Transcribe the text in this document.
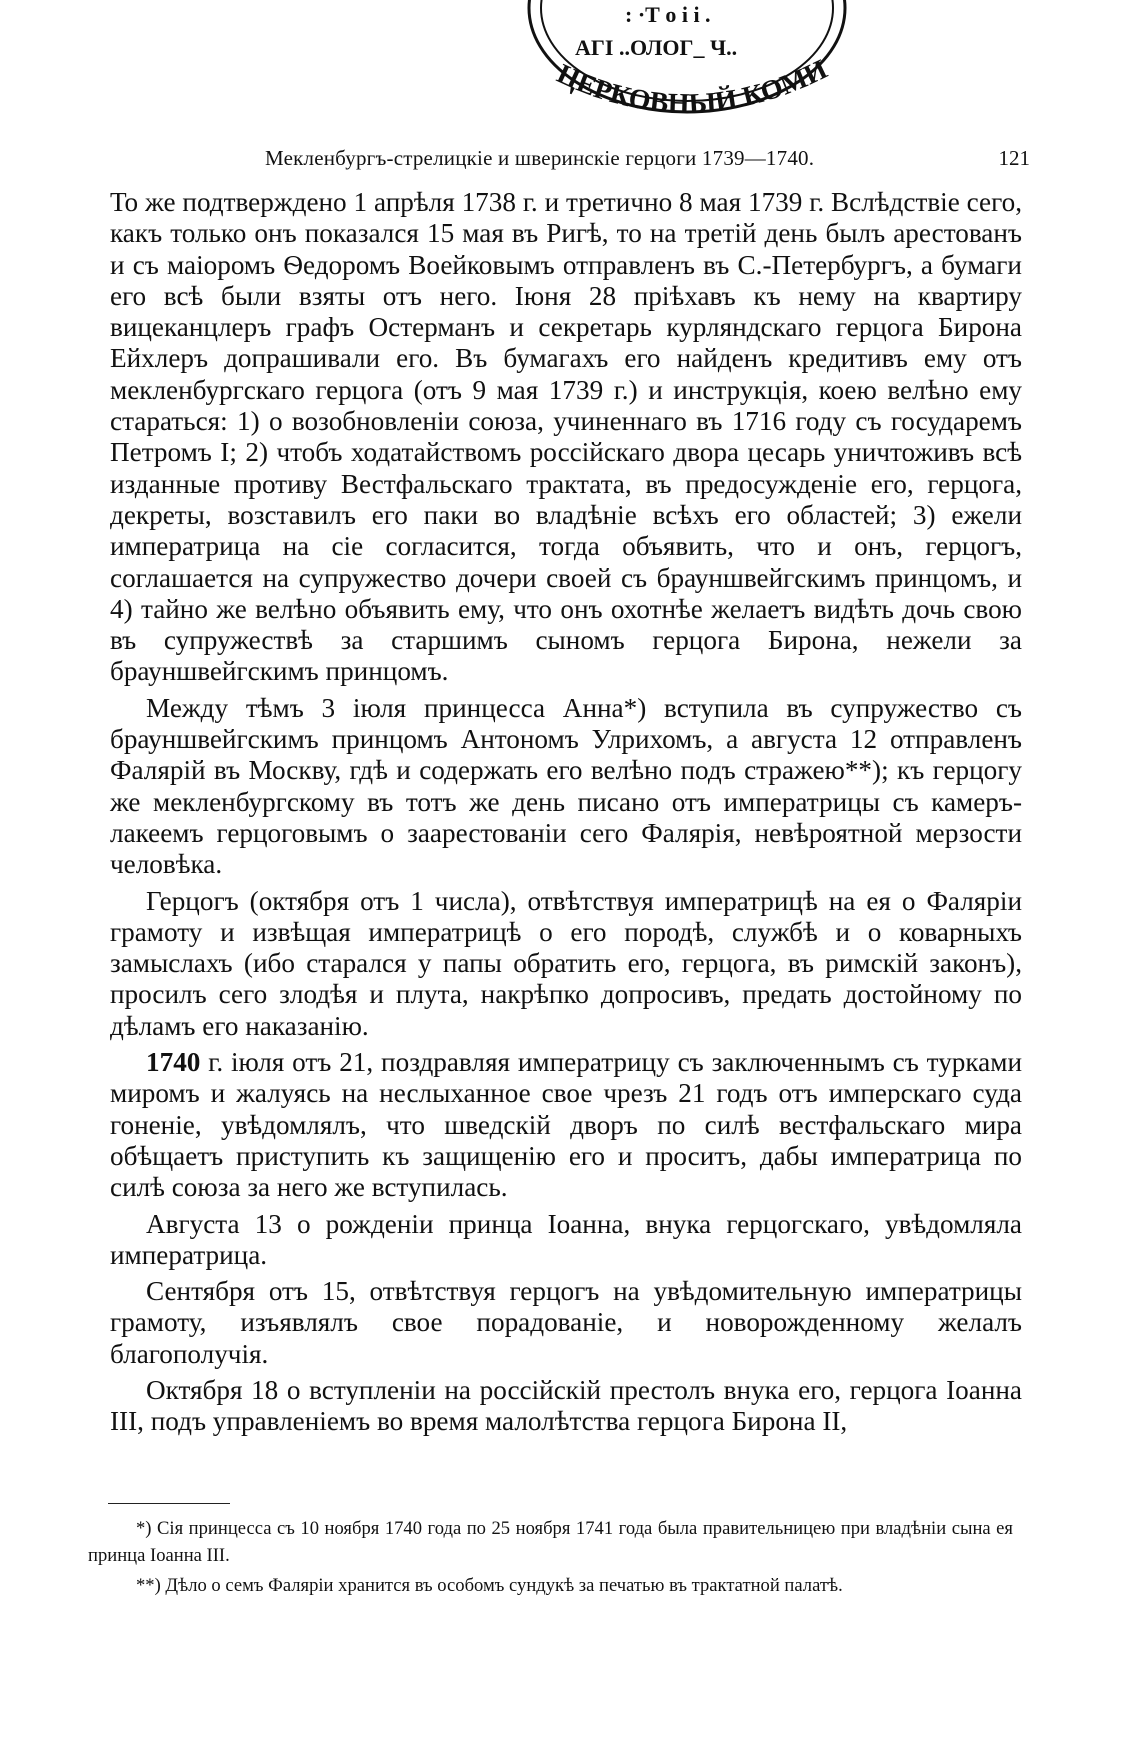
: ·Т о і і .
АГІ ..ОЛОГ_ Ч..
ЦЕРКОВНЫЙ КОМИ
Мекленбургъ-стрелицкіе и шверинскіе герцоги 1739—1740.	121

То же подтверждено 1 апрѣля 1738 г. и третично 8 мая 1739 г. Вслѣдствіе сего, какъ только онъ показался 15 мая въ Ригѣ, то на третій день былъ арестованъ и съ маіоромъ Ѳедоромъ Воейковымъ отправленъ въ С.-Петербургъ, а бумаги его всѣ были взяты отъ него. Іюня 28 пріѣхавъ къ нему на квартиру вицеканцлеръ графъ Остерманъ и секретарь курляндскаго герцога Бирона Ейхлеръ допрашивали его. Въ бумагахъ его найденъ кредитивъ ему отъ мекленбургскаго герцога (отъ 9 мая 1739 г.) и инструкція, коею велѣно ему стараться: 1) о возобновленіи союза, учиненнаго въ 1716 году съ государемъ Петромъ I; 2) чтобъ ходатайствомъ россійскаго двора цесарь уничтоживъ всѣ изданные противу Вестфальскаго трактата, въ предосужденіе его, герцога, декреты, возставилъ его паки во владѣніе всѣхъ его областей; 3) ежели императрица на сіе согласится, тогда объявить, что и онъ, герцогъ, соглашается на супружество дочери своей съ брауншвейгскимъ принцомъ, и 4) тайно же велѣно объявить ему, что онъ охотнѣе желаетъ видѣть дочь свою въ супружествѣ за старшимъ сыномъ герцога Бирона, нежели за брауншвейгскимъ принцомъ.

Между тѣмъ 3 іюля принцесса Анна*) вступила въ супружество съ брауншвейгскимъ принцомъ Антономъ Улрихомъ, а августа 12 отправленъ Фалярій въ Москву, гдѣ и содержать его велѣно подъ стражею**); къ герцогу же мекленбургскому въ тотъ же день писано отъ императрицы съ камеръ-лакеемъ герцоговымъ о заарестованіи сего Фалярія, невѣроятной мерзости человѣка.

Герцогъ (октября отъ 1 числа), отвѣтствуя императрицѣ на ея о Фаляріи грамоту и извѣщая императрицѣ о его породѣ, службѣ и о коварныхъ замыслахъ (ибо старался у папы обратить его, герцога, въ римскій законъ), просилъ сего злодѣя и плута, накрѣпко допросивъ, предать достойному по дѣламъ его наказанію.

1740 г. іюля отъ 21, поздравляя императрицу съ заключеннымъ съ турками миромъ и жалуясь на неслыханное свое чрезъ 21 годъ отъ имперскаго суда гоненіе, увѣдомлялъ, что шведскій дворъ по силѣ вестфальскаго мира обѣщаетъ приступить къ защищенію его и проситъ, дабы императрица по силѣ союза за него же вступилась.

Августа 13 о рожденіи принца Іоанна, внука герцогскаго, увѣдомляла императрица.

Сентября отъ 15, отвѣтствуя герцогъ на увѣдомительную императрицы грамоту, изъявлялъ свое порадованіе, и новорожденному желалъ благополучія.

Октября 18 о вступленіи на россійскій престолъ внука его, герцога Іоанна III, подъ управленіемъ во время малолѣтства герцога Бирона II,

*) Сія принцесса съ 10 ноября 1740 года по 25 ноября 1741 года была правительницею при владѣніи сына ея принца Іоанна III.

**) Дѣло о семъ Фаляріи хранится въ особомъ сундукѣ за печатью въ трактатной палатѣ.
